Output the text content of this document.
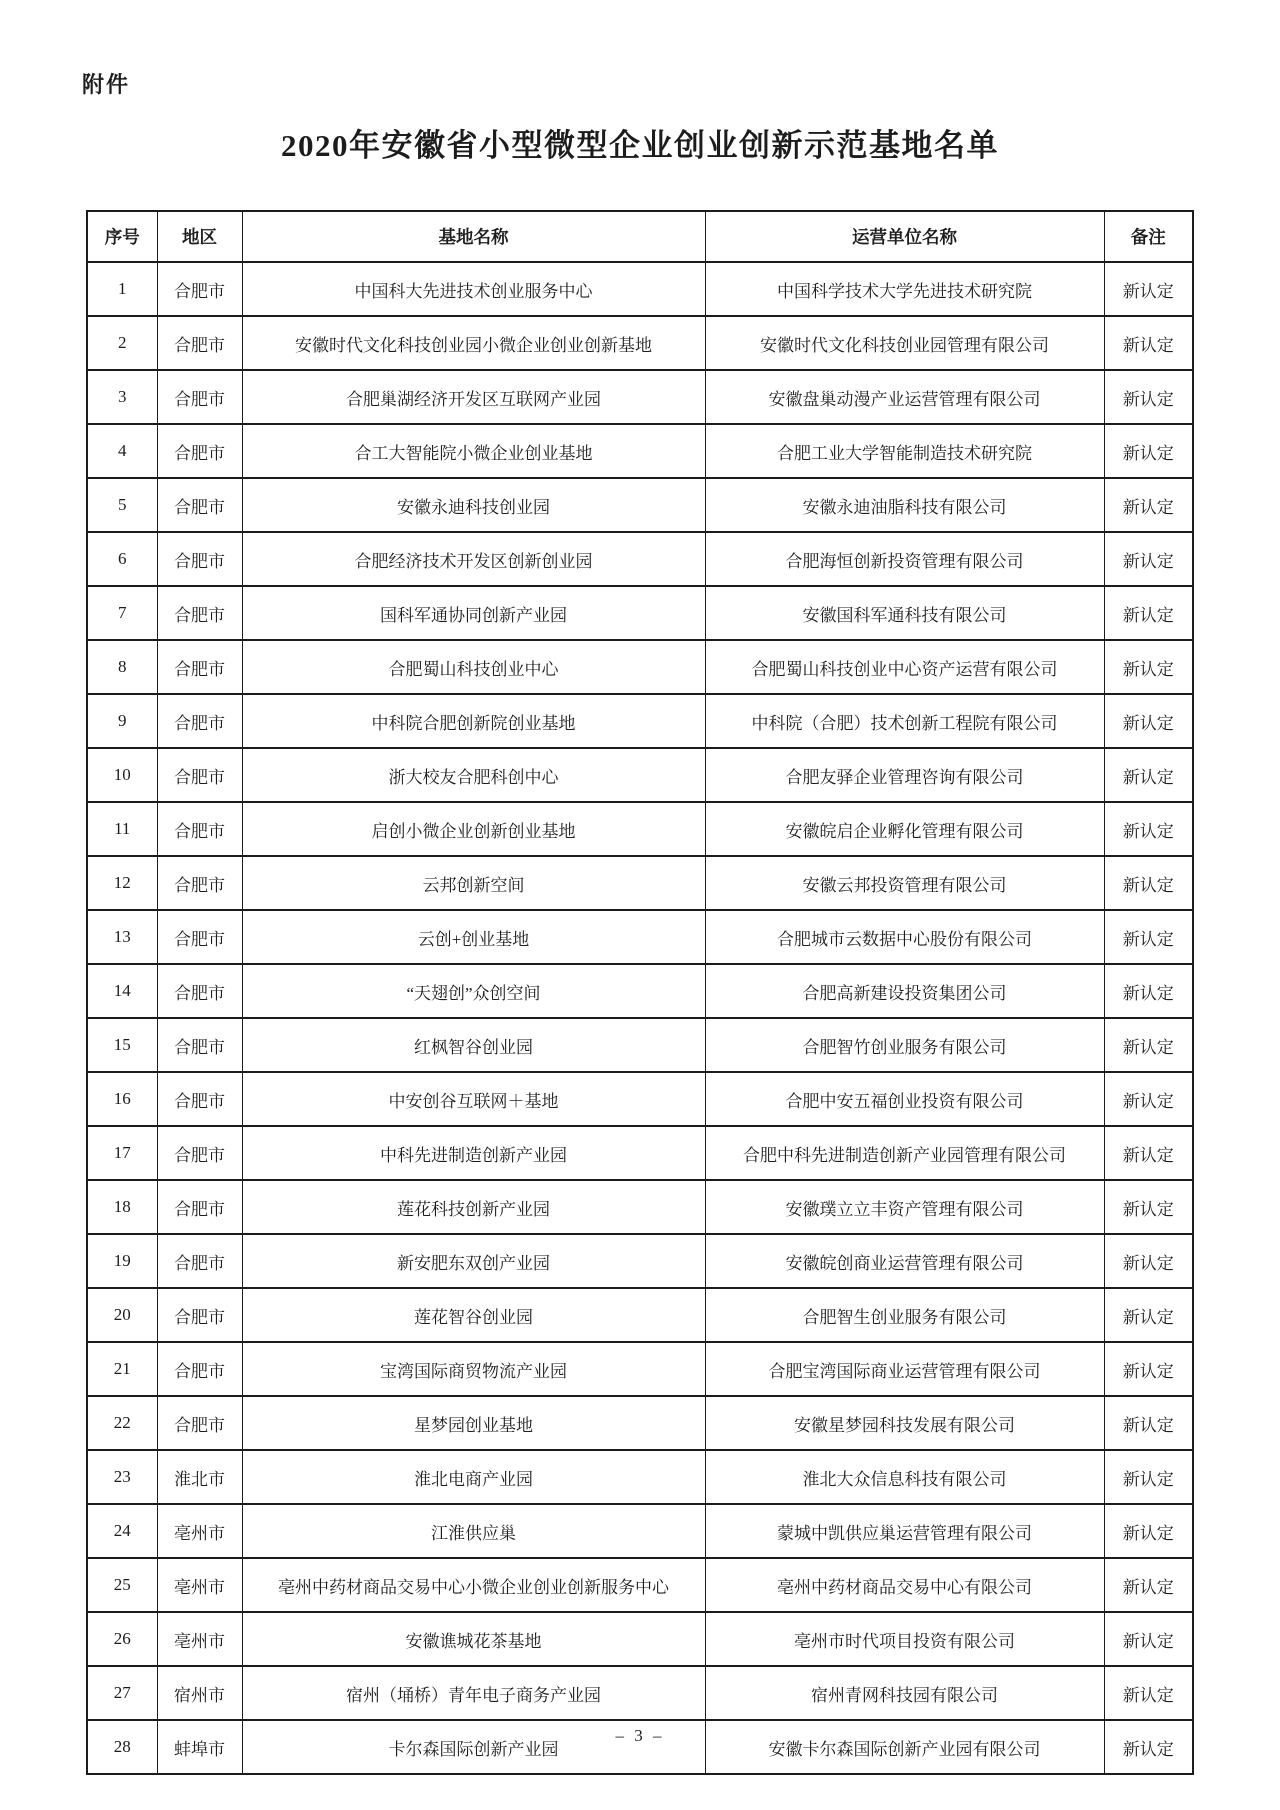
附件
2020年安徽省小型微型企业创业创新示范基地名单
序号	地区	基地名称	运营单位名称	备注
1	合肥市	中国科大先进技术创业服务中心	中国科学技术大学先进技术研究院	新认定
2	合肥市	安徽时代文化科技创业园小微企业创业创新基地	安徽时代文化科技创业园管理有限公司	新认定
3	合肥市	合肥巢湖经济开发区互联网产业园	安徽盘巢动漫产业运营管理有限公司	新认定
4	合肥市	合工大智能院小微企业创业基地	合肥工业大学智能制造技术研究院	新认定
5	合肥市	安徽永迪科技创业园	安徽永迪油脂科技有限公司	新认定
6	合肥市	合肥经济技术开发区创新创业园	合肥海恒创新投资管理有限公司	新认定
7	合肥市	国科军通协同创新产业园	安徽国科军通科技有限公司	新认定
8	合肥市	合肥蜀山科技创业中心	合肥蜀山科技创业中心资产运营有限公司	新认定
9	合肥市	中科院合肥创新院创业基地	中科院（合肥）技术创新工程院有限公司	新认定
10	合肥市	浙大校友合肥科创中心	合肥友驿企业管理咨询有限公司	新认定
11	合肥市	启创小微企业创新创业基地	安徽皖启企业孵化管理有限公司	新认定
12	合肥市	云邦创新空间	安徽云邦投资管理有限公司	新认定
13	合肥市	云创+创业基地	合肥城市云数据中心股份有限公司	新认定
14	合肥市	“天翅创”众创空间	合肥高新建设投资集团公司	新认定
15	合肥市	红枫智谷创业园	合肥智竹创业服务有限公司	新认定
16	合肥市	中安创谷互联网＋基地	合肥中安五福创业投资有限公司	新认定
17	合肥市	中科先进制造创新产业园	合肥中科先进制造创新产业园管理有限公司	新认定
18	合肥市	莲花科技创新产业园	安徽璞立立丰资产管理有限公司	新认定
19	合肥市	新安肥东双创产业园	安徽皖创商业运营管理有限公司	新认定
20	合肥市	莲花智谷创业园	合肥智生创业服务有限公司	新认定
21	合肥市	宝湾国际商贸物流产业园	合肥宝湾国际商业运营管理有限公司	新认定
22	合肥市	星梦园创业基地	安徽星梦园科技发展有限公司	新认定
23	淮北市	淮北电商产业园	淮北大众信息科技有限公司	新认定
24	亳州市	江淮供应巢	蒙城中凯供应巢运营管理有限公司	新认定
25	亳州市	亳州中药材商品交易中心小微企业创业创新服务中心	亳州中药材商品交易中心有限公司	新认定
26	亳州市	安徽谯城花茶基地	亳州市时代项目投资有限公司	新认定
27	宿州市	宿州（埇桥）青年电子商务产业园	宿州青网科技园有限公司	新认定
28	蚌埠市	卡尔森国际创新产业园	安徽卡尔森国际创新产业园有限公司	新认定
– 3 –
